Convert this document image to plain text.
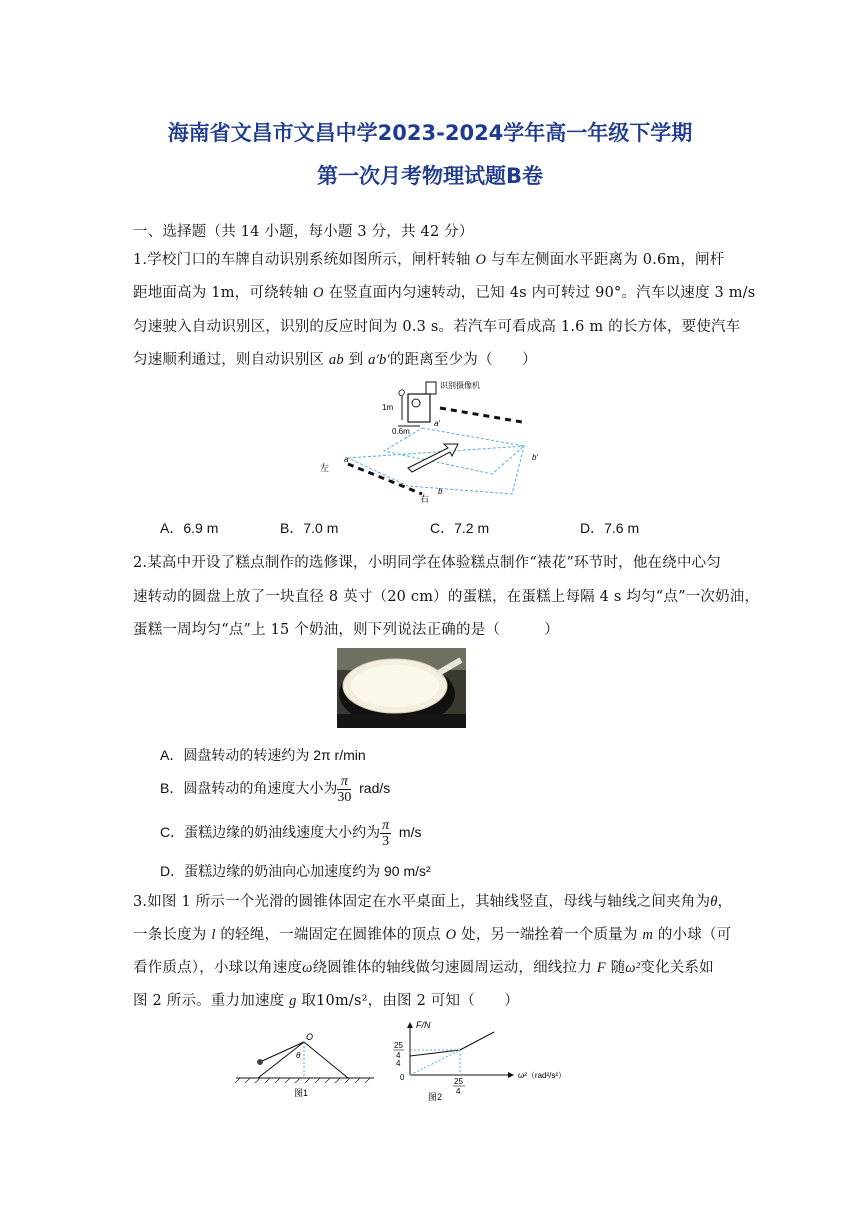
海南省文昌市文昌中学2023-2024学年高一年级下学期
第一次月考物理试题B卷
一、选择题（共 14 小题，每小题 3 分，共 42 分）
1.学校门口的车牌自动识别系统如图所示，闸杆转轴 O 与车左侧面水平距离为 0.6m，闸杆
距地面高为 1m，可绕转轴 O 在竖直面内匀速转动，已知 4s 内可转过 90°。汽车以速度 3 m/s
匀速驶入自动识别区，识别的反应时间为 0.3 s。若汽车可看成高 1.6 m 的长方体，要使汽车
匀速顺利通过，则自动识别区 ab 到 a′b′的距离至少为（　　）
识别摄像机
1m
0.6m
O
a
b
a′
b′
左
右
A．6.9 m	B．7.0 m	C．7.2 m	D．7.6 m
2.某高中开设了糕点制作的选修课，小明同学在体验糕点制作“裱花”环节时，他在绕中心匀
速转动的圆盘上放了一块直径 8 英寸（20 cm）的蛋糕，在蛋糕上每隔 4 s 均匀“点”一次奶油，
蛋糕一周均匀“点”上 15 个奶油，则下列说法正确的是（　　　）
A．圆盘转动的转速约为 2π r/min
B．圆盘转动的角速度大小为 $\frac{\pi}{30} rad/s$
C．蛋糕边缘的奶油线速度大小约为 $\frac{\pi}{3} m/s$
D．蛋糕边缘的奶油向心加速度约为 90 m/s²
3.如图 1 所示一个光滑的圆锥体固定在水平桌面上，其轴线竖直，母线与轴线之间夹角为θ，
一条长度为 l 的轻绳，一端固定在圆锥体的顶点 O 处，另一端拴着一个质量为 m 的小球（可
看作质点），小球以角速度ω绕圆锥体的轴线做匀速圆周运动，细线拉力 F 随ω²变化关系如
图 2 所示。重力加速度 g 取10m/s²，由图 2 可知（　　）
O
θ
图1
F/N
25
4
4
0	25
4
ω²（rad²/s²）
图2
